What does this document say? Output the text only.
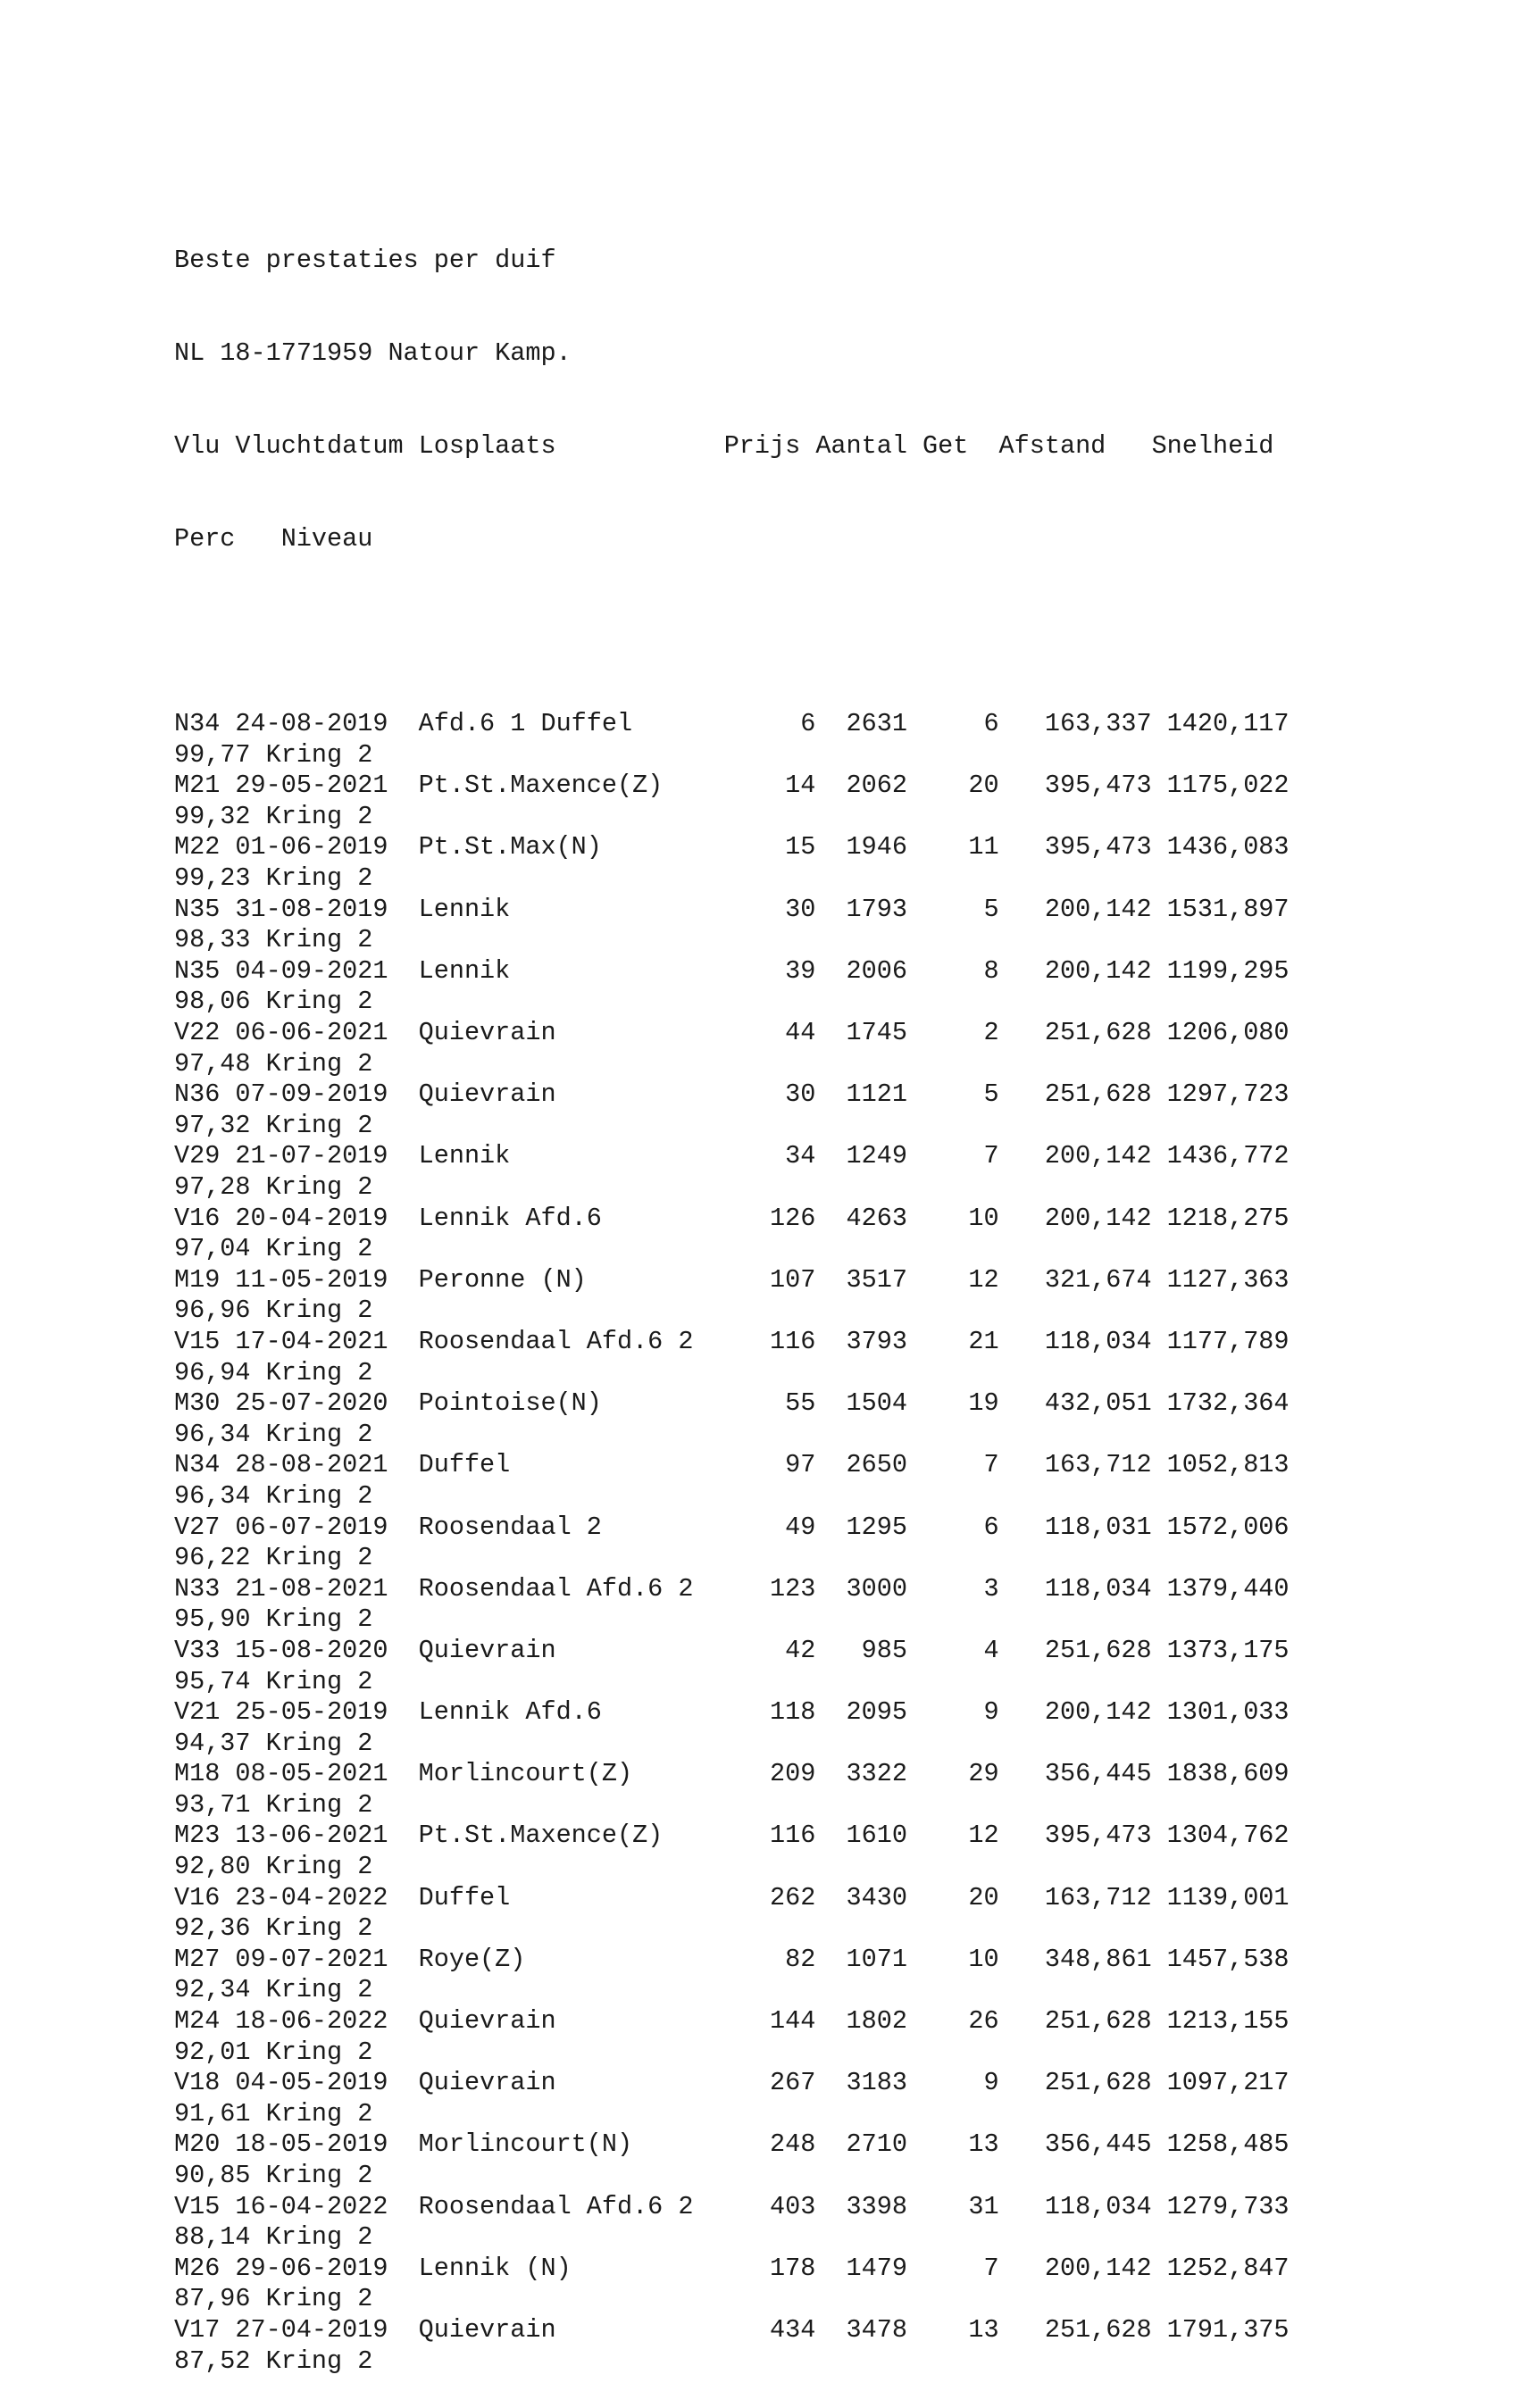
Beste prestaties per duif

NL 18-1771959 Natour Kamp.

Vlu Vluchtdatum Losplaats           Prijs Aantal Get  Afstand   Snelheid

Perc   Niveau

N34 24-08-2019  Afd.6 1 Duffel           6  2631     6   163,337 1420,117
99,77 Kring 2
M21 29-05-2021  Pt.St.Maxence(Z)        14  2062    20   395,473 1175,022
99,32 Kring 2
M22 01-06-2019  Pt.St.Max(N)            15  1946    11   395,473 1436,083
99,23 Kring 2
N35 31-08-2019  Lennik                  30  1793     5   200,142 1531,897
98,33 Kring 2
N35 04-09-2021  Lennik                  39  2006     8   200,142 1199,295
98,06 Kring 2
V22 06-06-2021  Quievrain               44  1745     2   251,628 1206,080
97,48 Kring 2
N36 07-09-2019  Quievrain               30  1121     5   251,628 1297,723
97,32 Kring 2
V29 21-07-2019  Lennik                  34  1249     7   200,142 1436,772
97,28 Kring 2
V16 20-04-2019  Lennik Afd.6           126  4263    10   200,142 1218,275
97,04 Kring 2
M19 11-05-2019  Peronne (N)            107  3517    12   321,674 1127,363
96,96 Kring 2
V15 17-04-2021  Roosendaal Afd.6 2     116  3793    21   118,034 1177,789
96,94 Kring 2
M30 25-07-2020  Pointoise(N)            55  1504    19   432,051 1732,364
96,34 Kring 2
N34 28-08-2021  Duffel                  97  2650     7   163,712 1052,813
96,34 Kring 2
V27 06-07-2019  Roosendaal 2            49  1295     6   118,031 1572,006
96,22 Kring 2
N33 21-08-2021  Roosendaal Afd.6 2     123  3000     3   118,034 1379,440
95,90 Kring 2
V33 15-08-2020  Quievrain               42   985     4   251,628 1373,175
95,74 Kring 2
V21 25-05-2019  Lennik Afd.6           118  2095     9   200,142 1301,033
94,37 Kring 2
M18 08-05-2021  Morlincourt(Z)         209  3322    29   356,445 1838,609
93,71 Kring 2
M23 13-06-2021  Pt.St.Maxence(Z)       116  1610    12   395,473 1304,762
92,80 Kring 2
V16 23-04-2022  Duffel                 262  3430    20   163,712 1139,001
92,36 Kring 2
M27 09-07-2021  Roye(Z)                 82  1071    10   348,861 1457,538
92,34 Kring 2
M24 18-06-2022  Quievrain              144  1802    26   251,628 1213,155
92,01 Kring 2
V18 04-05-2019  Quievrain              267  3183     9   251,628 1097,217
91,61 Kring 2
M20 18-05-2019  Morlincourt(N)         248  2710    13   356,445 1258,485
90,85 Kring 2
V15 16-04-2022  Roosendaal Afd.6 2     403  3398    31   118,034 1279,733
88,14 Kring 2
M26 29-06-2019  Lennik (N)             178  1479     7   200,142 1252,847
87,96 Kring 2
V17 27-04-2019  Quievrain              434  3478    13   251,628 1791,375
87,52 Kring 2
